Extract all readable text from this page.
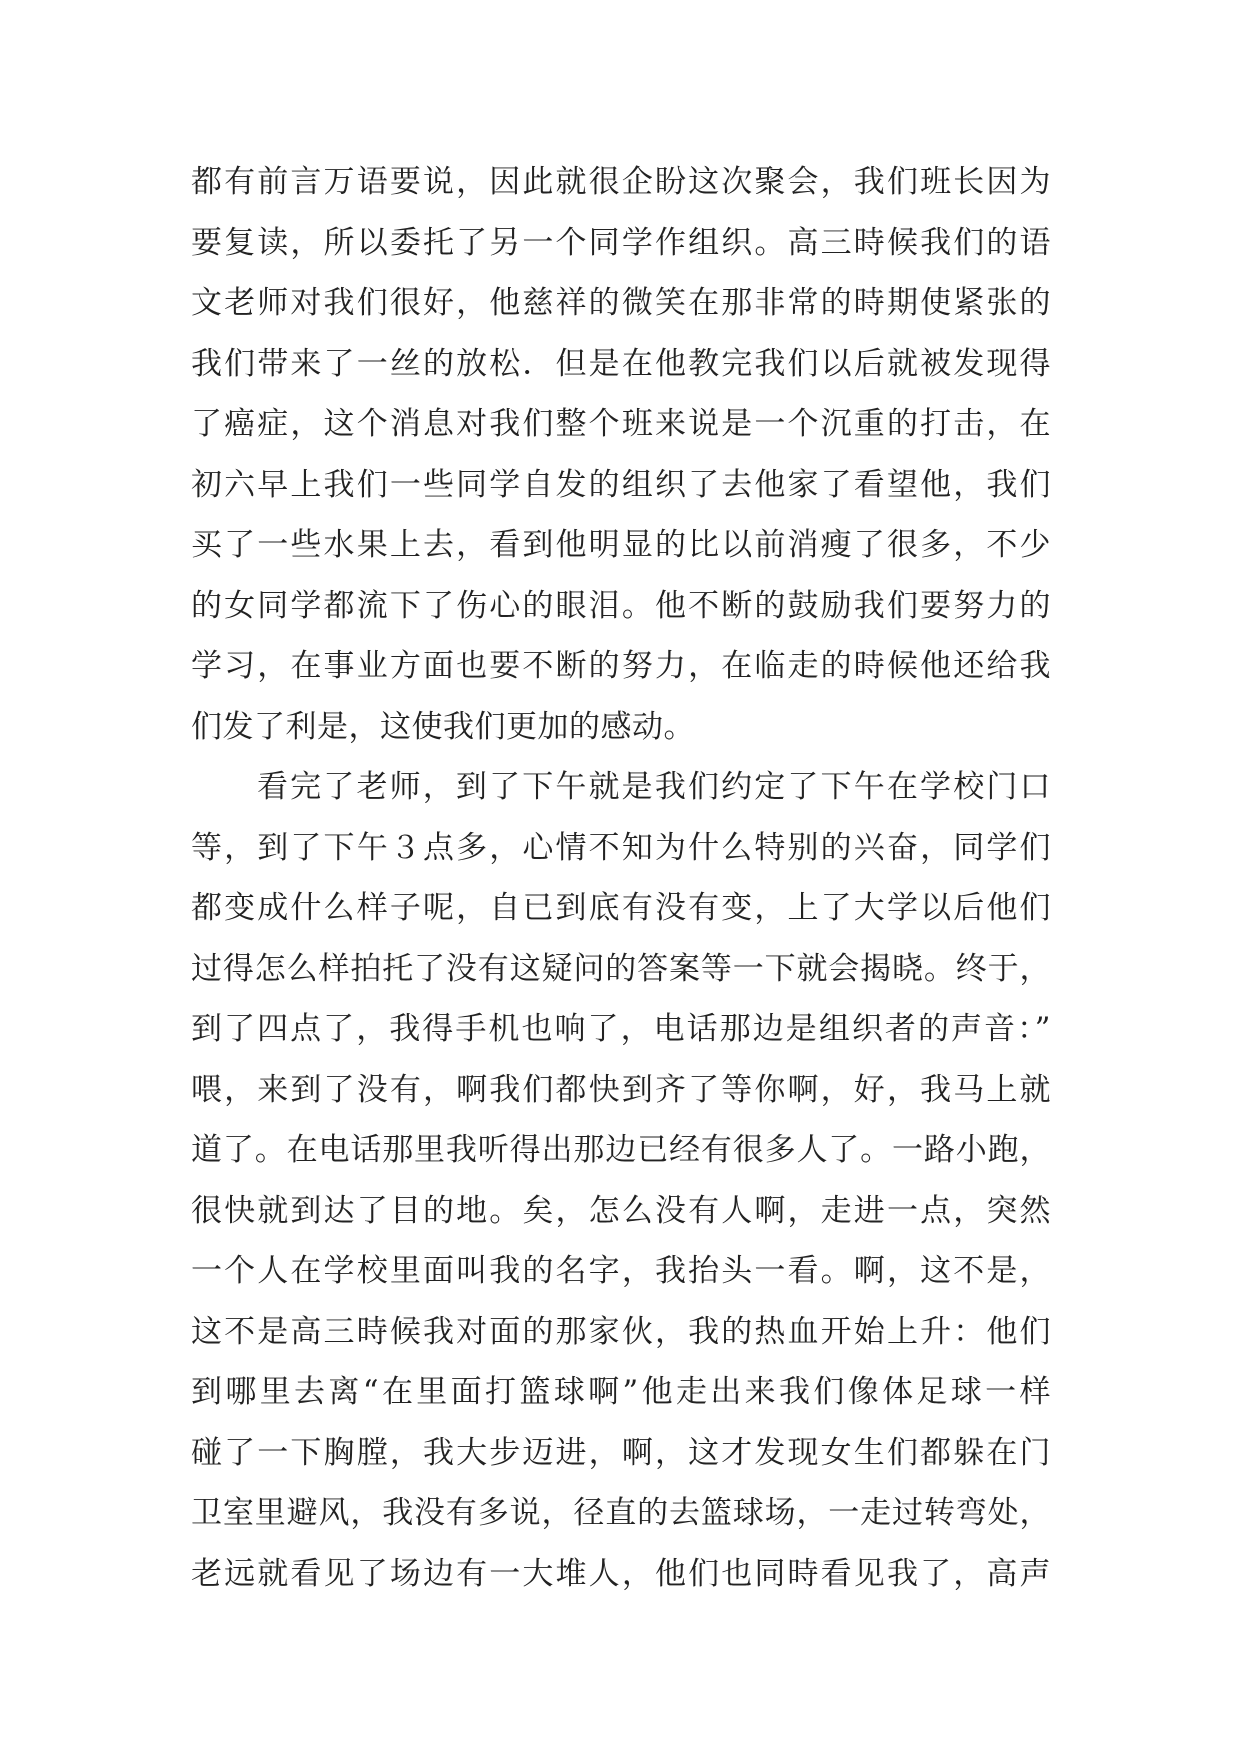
都有前言万语要说，因此就很企盼这次聚会，我们班长因为
要复读，所以委托了另一个同学作组织。高三時候我们的语
文老师对我们很好，他慈祥的微笑在那非常的時期使紧张的
我们带来了一丝的放松．但是在他教完我们以后就被发现得
了癌症，这个消息对我们整个班来说是一个沉重的打击，在
初六早上我们一些同学自发的组织了去他家了看望他，我们
买了一些水果上去，看到他明显的比以前消瘦了很多，不少
的女同学都流下了伤心的眼泪。他不断的鼓励我们要努力的
学习，在事业方面也要不断的努力，在临走的時候他还给我
们发了利是，这使我们更加的感动。
看完了老师，到了下午就是我们约定了下午在学校门口
等，到了下午３点多，心情不知为什么特别的兴奋，同学们
都变成什么样子呢，自已到底有没有变，上了大学以后他们
过得怎么样拍托了没有这疑问的答案等一下就会揭晓。终于，
到了四点了，我得手机也响了，电话那边是组织者的声音：”
喂，来到了没有，啊我们都快到齐了等你啊，好，我马上就
道了。在电话那里我听得出那边已经有很多人了。一路小跑，
很快就到达了目的地。矣，怎么没有人啊，走进一点，突然
一个人在学校里面叫我的名字，我抬头一看。啊，这不是，
这不是高三時候我对面的那家伙，我的热血开始上升：他们
到哪里去离“在里面打篮球啊”他走出来我们像体足球一样
碰了一下胸膛，我大步迈进，啊，这才发现女生们都躲在门
卫室里避风，我没有多说，径直的去篮球场，一走过转弯处，
老远就看见了场边有一大堆人，他们也同時看见我了，高声
